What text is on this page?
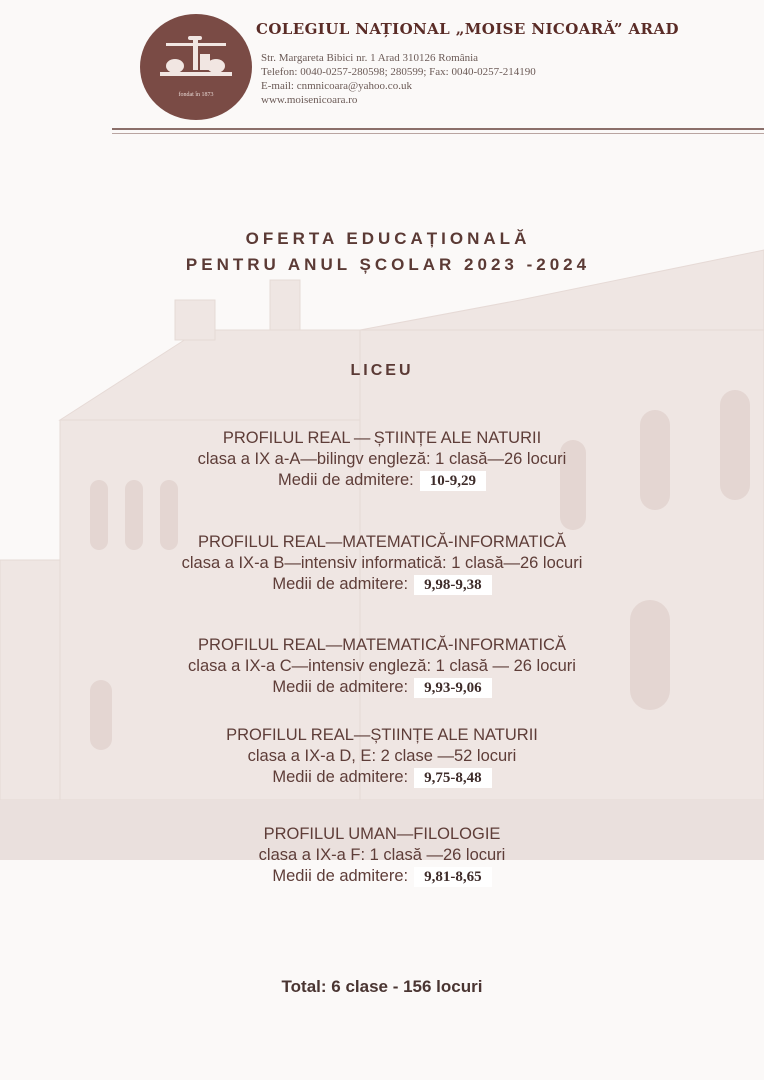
fondat în 1873
COLEGIUL NAȚIONAL „MOISE NICOARĂ” ARAD
Str. Margareta Bibici nr. 1 Arad 310126 România
Telefon: 0040-0257-280598; 280599; Fax: 0040-0257-214190
E-mail: cnmnicoara@yahoo.co.uk
www.moisenicoara.ro
OFERTA EDUCAȚIONALĂ
PENTRU ANUL ȘCOLAR 2023 -2024
LICEU
PROFILUL REAL — ȘTIINȚE ALE NATURII
clasa a IX a-A—bilingv engleză: 1 clasă—26 locuri
Medii de admitere: 10-9,29
PROFILUL REAL—MATEMATICĂ-INFORMATICĂ
clasa a IX-a B—intensiv informatică: 1 clasă—26 locuri
Medii de admitere: 9,98-9,38
PROFILUL REAL—MATEMATICĂ-INFORMATICĂ
clasa a IX-a C—intensiv engleză: 1 clasă — 26 locuri
Medii de admitere: 9,93-9,06
PROFILUL REAL—ȘTIINȚE ALE NATURII
clasa a IX-a D, E: 2 clase —52 locuri
Medii de admitere: 9,75-8,48
PROFILUL UMAN—FILOLOGIE
clasa a IX-a F: 1 clasă —26 locuri
Medii de admitere: 9,81-8,65
Total: 6 clase - 156 locuri
